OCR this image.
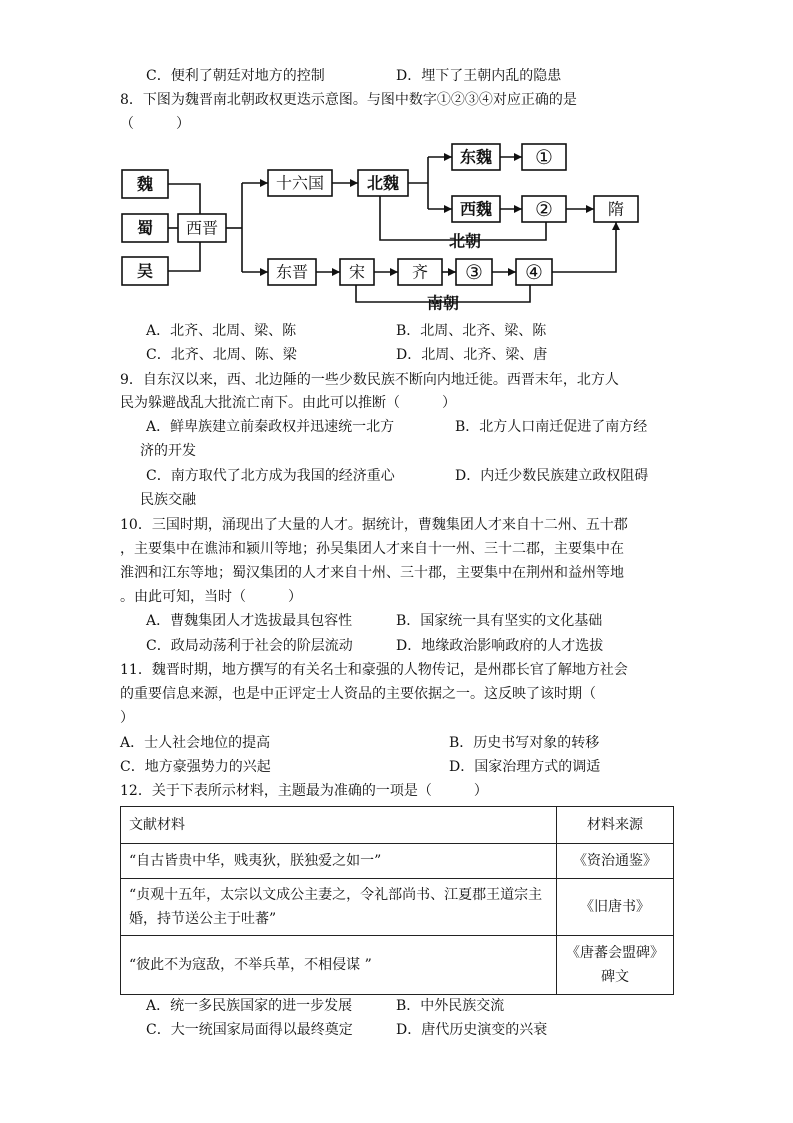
C．便利了朝廷对地方的控制	D．埋下了王朝内乱的隐患
8．下图为魏晋南北朝政权更迭示意图。与图中数字①②③④对应正确的是
（　　　）
魏
蜀
吴
西晋
十六国	北魏
东魏 ①
西魏 ②	隋
北朝
东晋	宋	齐 ③ ④
南朝
A．北齐、北周、梁、陈	B．北周、北齐、梁、陈
C．北齐、北周、陈、梁	D．北周、北齐、梁、唐
9．自东汉以来，西、北边陲的一些少数民族不断向内地迁徙。西晋末年，北方人
民为躲避战乱大批流亡南下。由此可以推断（　　　）
A．鲜卑族建立前秦政权并迅速统一北方	B．北方人口南迁促进了南方经
济的开发
C．南方取代了北方成为我国的经济重心	D．内迁少数民族建立政权阻碍
民族交融
10．三国时期，涌现出了大量的人才。据统计，曹魏集团人才来自十二州、五十郡
，主要集中在谯沛和颍川等地；孙吴集团人才来自十一州、三十二郡，主要集中在
淮泗和江东等地；蜀汉集团的人才来自十州、三十郡，主要集中在荆州和益州等地
。由此可知，当时（　　　）
A．曹魏集团人才选拔最具包容性	B．国家统一具有坚实的文化基础
C．政局动荡利于社会的阶层流动	D．地缘政治影响政府的人才选拔
11．魏晋时期，地方撰写的有关名士和豪强的人物传记，是州郡长官了解地方社会
的重要信息来源，也是中正评定士人资品的主要依据之一。这反映了该时期（
）
A．士人社会地位的提高	B．历史书写对象的转移
C．地方豪强势力的兴起	D．国家治理方式的调适
12．关于下表所示材料，主题最为准确的一项是（　　　）
文献材料	材料来源
“自古皆贵中华，贱夷狄，朕独爱之如一”	《资治通鉴》
“贞观十五年，太宗以文成公主妻之，令礼部尚书、江夏郡王道宗主婚，持节送公主于吐蕃”	《旧唐书》
“彼此不为寇敌，不举兵革，不相侵谋 ”	《唐蕃会盟碑》碑文
A．统一多民族国家的进一步发展	B．中外民族交流
C．大一统国家局面得以最终奠定	D．唐代历史演变的兴衰
